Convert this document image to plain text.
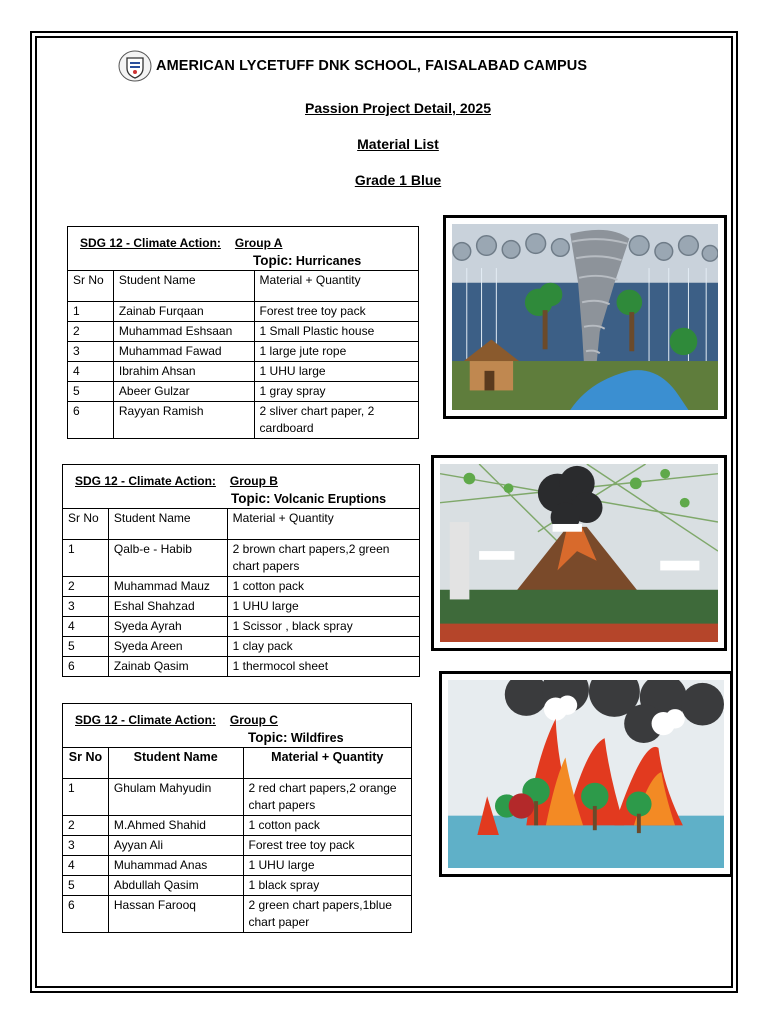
AMERICAN LYCETUFF DNK SCHOOL, FAISALABAD CAMPUS
Passion Project Detail, 2025
Material List
Grade 1 Blue
SDG 12 - Climate Action: Group A
Topic: Hurricanes		

Sr No	Student Name	Material + Quantity
1	Zainab Furqaan	Forest tree toy pack
2	Muhammad Eshsaan	1 Small Plastic house
3	Muhammad Fawad	1 large jute rope
4	Ibrahim Ahsan	1 UHU large
5	Abeer Gulzar	1 gray spray
6	Rayyan Ramish	2 sliver chart paper, 2 cardboard
SDG 12 - Climate Action: Group B
Topic: Volcanic Eruptions		

Sr No	Student Name	Material + Quantity
1	Qalb-e - Habib	2 brown chart papers,2 green chart papers
2	Muhammad Mauz	1 cotton pack
3	Eshal Shahzad	1 UHU large
4	Syeda Ayrah	1 Scissor , black spray
5	Syeda Areen	1 clay pack
6	Zainab Qasim	1 thermocol sheet
SDG 12 - Climate Action: Group C
Topic: Wildfires		

Sr No	Student Name	Material + Quantity
1	Ghulam Mahyudin	2 red chart papers,2 orange chart papers
2	M.Ahmed Shahid	1 cotton pack
3	Ayyan Ali	Forest tree toy pack
4	Muhammad Anas	1 UHU large
5	Abdullah Qasim	1 black spray
6	Hassan Farooq	2 green chart papers,1blue chart paper
